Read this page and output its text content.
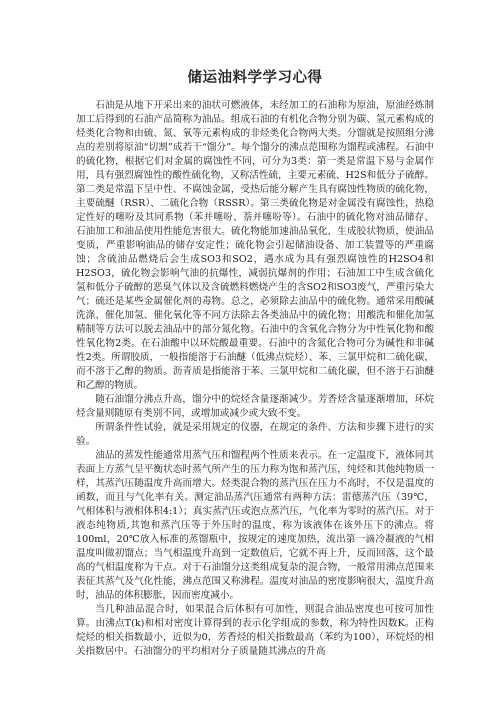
储运油料学学习心得

石油是从地下开采出来的油状可燃液体，未经加工的石油称为原油，原油经炼制加工后得到的石油产品简称为油品。组成石油的有机化合物分别为碳、氢元素构成的烃类化合物和由硫、氮、氧等元素构成的非烃类化合物两大类。分馏就是按照组分沸点的差别将原油“切割”成若干“馏分”。每个馏分的沸点范围称为馏程或沸程。石油中的硫化物，根据它们对金属的腐蚀性不同，可分为3类：第一类是常温下易与金属作用，具有强烈腐蚀性的酸性硫化物，又称活性硫，主要元素硫、H2S和低分子硫醇。第二类是常温下呈中性、不腐蚀金属，受热后能分解产生具有腐蚀性物质的硫化物，主要硫醚（RSR）、二硫化合物（RSSR）。第三类硫化物是对金属没有腐蚀性，热稳定性好的噻吩及其同系物（苯并噻吩、萘并噻吩等）。石油中的硫化物对油品储存、石油加工和油品使用性能危害很大。硫化物能加速油品氧化，生成胶状物质，使油品变质，严重影响油品的储存安定性；硫化物会引起储油设备、加工装置等的严重腐蚀；含硫油品燃烧后会生成SO3和SO2，遇水成为具有强烈腐蚀性的H2SO4和H2SO3，硫化物会影响气油的抗爆性，减弱抗爆剂的作用；石油加工中生成含硫化氢和低分子硫醇的恶臭气体以及含硫燃料燃烧产生的含SO2和SO3废气，严重污染大气；硫还是某些金属催化剂的毒物。总之，必须除去油品中的硫化物。通常采用酸碱洗涤、催化加氢、催化氧化等不同方法除去各类油品中的硫化物；用酸洗和催化加氢精制等方法可以脱去油品中的部分氮化物。石油中的含氧化合物分为中性氧化物和酸性氧化物2类。在石油酸中以环烷酸最重要。石油中的含氮化合物可分为碱性和非碱性2类。所谓胶质，一般指能溶于石油醚（低沸点烷烃）、苯、三氯甲烷和二硫化碳，而不溶于乙醇的物质。沥青质是指能溶于苯、三氯甲烷和二硫化碳，但不溶于石油醚和乙醇的物质。

随石油馏分沸点升高，馏分中的烷烃含量逐渐减少。芳香烃含量逐渐增加，环烷烃含量则随原有类别不同，或增加或减少或大致不变。

所谓条件性试验，就是采用规定的仪器，在规定的条件、方法和步骤下进行的实验。

油品的蒸发性能通常用蒸气压和馏程两个性质来表示。在一定温度下，液体同其表面上方蒸气呈平衡状态时蒸气所产生的压力称为饱和蒸汽压，纯烃和其他纯物质一样，其蒸汽压随温度升高而增大。烃类混合物的蒸汽压在压力不高时，不仅是温度的函数，而且与气化率有关。测定油品蒸汽压通常有两种方法：雷德蒸汽压（39℃，气相体积与液相体积4:1）；真实蒸汽压或泡点蒸汽压，气化率为零时的蒸汽压。对于液态纯物质,其饱和蒸汽压等于外压时的温度，称为该液体在该外压下的沸点。将100ml，20℃放入标准的蒸馏瓶中，按规定的速度加热，流出第一滴冷凝液的气相温度叫做初馏点；当气相温度升高到一定数值后，它就不再上升，反而回落，这个最高的气相温度称为干点。对于石油馏分这类组成复杂的混合物，一般常用沸点范围来表征其蒸气及气化性能，沸点范围又称沸程。温度对油品的密度影响很大，温度升高时，油品的体积膨胀，因而密度减小。

当几种油品混合时，如果混合后体积有可加性，则混合油品密度也可按可加性算。由沸点T(k)和相对密度计算得到的表示化学组成的参数，称为特性因数K。正构烷烃的相关指数最小，近似为0，芳香烃的相关指数最高（苯约为100），环烷烃的相关指数居中。石油馏分的平均相对分子质量随其沸点的升高
